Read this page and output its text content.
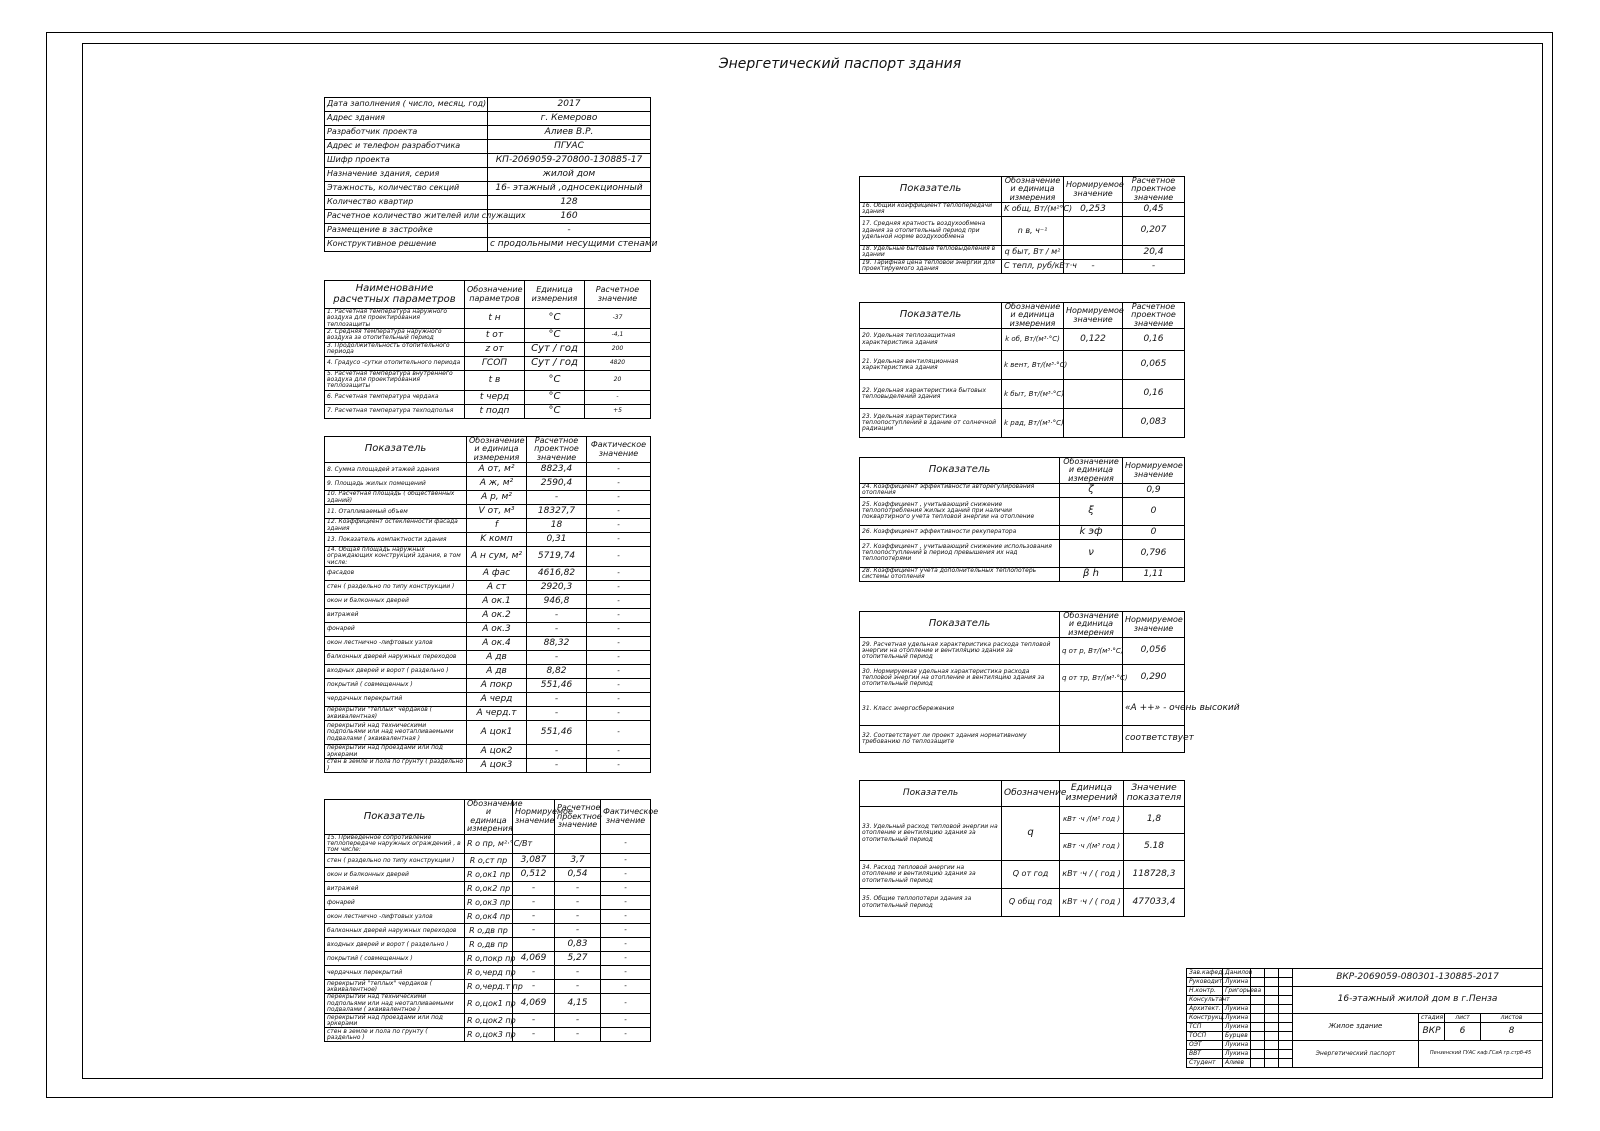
Энергетический паспорт здания
Дата заполнения ( число, месяц, год)	2017
Адрес здания	г. Кемерово
Разработчик проекта	Алиев В.Р.
Адрес и телефон разработчика	ПГУАС
Шифр проекта	КП-2069059-270800-130885-17
Назначение здания, серия	жилой дом
Этажность, количество секций	16- этажный ,односекционный
Количество квартир	128
Расчетное количество жителей или служащих	160
Размещение в застройке	-
Конструктивное решение	с продольными несущими стенами
Наименование расчетных параметров	Обозначение параметров	Единица измерения	Расчетное значение
1. Расчетная температура наружного воздуха для проектирования теплозащиты	t н	°С	-37
2. Средняя температура наружного воздуха за отопительный период	t от	°С	-4,1
3. Продолжительность отопительного периода	z от	Сут / год	200
4. Градусо -сутки отопительного периода	ГСОП	Сут / год	4820
5. Расчетная температура внутреннего воздуха для проектирования теплозащиты	t в	°С	20
6. Расчетная температура чердака	t черд	°С	-
7. Расчетная температура техподполья	t подп	°С	+5
Показатель	Обозначение и единица измерения	Расчетное проектное значение	Фактическое значение
8. Сумма площадей этажей здания	A от, м²	8823,4	-
9. Площадь жилых помещений	A ж, м²	2590,4	-
10. Расчетная площадь ( общественных зданий)	A р, м²	-	-
11. Отапливаемый объем	V от, м³	18327,7	-
12. Коэффициент остекленности фасада здания	f	18	-
13. Показатель компактности здания	K комп	0,31	-
14. Общая площадь наружных ограждающих конструкций здания, в том числе:	A н сум, м²	5719,74	-
фасадов	A фас	4616,82	-
стен ( раздельно по типу конструкции )	A ст	2920,3	-
окон и балконных дверей	A ок.1	946,8	-
витражей	A ок.2	-	-
фонарей	A ок.3	-	-
окон лестнично -лифтовых узлов	A ок.4	88,32	-
балконных дверей наружных переходов	A дв	-	-
входных дверей и ворот ( раздельно )	A дв	8,82	-
покрытий ( совмещенных )	A покр	551,46	-
чердачных перекрытий	A черд	-	-
перекрытий "теплых" чердаков ( эквивалентная)	A черд.т	-	-
перекрытий над техническими подпольями или над неотапливаемыми подвалами ( эквивалентная )	A цок1	551,46	-
перекрытий над проездами или под эркерами	A цок2	-	-
стен в земле и пола по грунту ( раздельно )	A цок3	-	-
Показатель	Обозначение и единица измерения	Нормируемое значение	Расчетное проектное значение	Фактическое значение
15. Приведенное сопротивление теплопередаче наружных ограждений , в том числе:	R о пр, м²·°С/Вт			-
стен ( раздельно по типу конструкции )	R о,ст пр	3,087	3,7	-
окон и балконных дверей	R о,ок1 пр	0,512	0,54	-
витражей	R о,ок2 пр	-	-	-
фонарей	R о,ок3 пр	-	-	-
окон лестнично -лифтовых узлов	R о,ок4 пр	-	-	-
балконных дверей наружных переходов	R о,дв пр	-	-	-
входных дверей и ворот ( раздельно )	R о,дв пр		0,83	-
покрытий ( совмещенных )	R о,покр пр	4,069	5,27	-
чердачных перекрытий	R о,черд пр	-	-	-
перекрытий "теплых" чердаков ( эквивалентное)	R о,черд.т пр	-	-	-
перекрытий над техническими подпольями или над неотапливаемыми подвалами ( эквивалентное )	R о,цок1 пр	4,069	4,15	-
перекрытий над проездами или под эркерами	R о,цок2 пр	-	-	-
стен в земле и пола по грунту ( раздельно )	R о,цок3 пр	-	-	-
Показатель	Обозначение и единица измерения	Нормируемое значение	Расчетное проектное значение
16. Общий коэффициент теплопередачи здания	K общ, Вт/(м²°С)	0,253	0,45
17. Средняя кратность воздухообмена здания за отопительный период при удельной норме воздухообмена	n в, ч⁻¹		0,207
18. Удельные бытовые тепловыделения в здании	q быт, Вт / м²		20,4
19. Тарифная цена тепловой энергии для проектируемого здания	С тепл, руб/кВт·ч	-	-
Показатель	Обозначение и единица измерения	Нормируемое значение	Расчетное проектное значение
20. Удельная теплозащитная характеристика здания	k об, Вт/(м³·°С)	0,122	0,16
21. Удельная вентиляционная характеристика здания	k вент, Вт/(м³·°С)		0,065
22. Удельная характеристика бытовых тепловыделений здания	k быт, Вт/(м³·°С)		0,16
23. Удельная характеристика теплопоступлений в здание от солнечной радиации	k рад, Вт/(м³·°С)		0,083
Показатель	Обозначение и единица измерения	Нормируемое значение
24. Коэффициент эффективности авторегулирования отопления	ζ	0,9
25. Коэффициент , учитывающий снижение теплопотребления жилых зданий при наличии поквартирного учета тепловой энергии на отопление	ξ	0
26. Коэффициент эффективности рекуператора	k эф	0
27. Коэффициент , учитывающий снижение использования теплопоступлений в период превышения их над теплопотерями	ν	0,796
28. Коэффициент учета дополнительных теплопотерь системы отопления	β h	1,11
Показатель	Обозначение и единица измерения	Нормируемое значение
29. Расчетная удельная характеристика расхода тепловой энергии на отопление и вентиляцию здания за отопительный период	q от р, Вт/(м³·°С)	0,056
30. Нормируемая удельная характеристика расхода тепловой энергии на отопление и вентиляцию здания за отопительный период	q от тр, Вт/(м³·°С)	0,290
31. Класс энергосбережения		«А ++» - очень высокий
32. Соответствует ли проект здания нормативному требованию по теплозащите		соответствует
Показатель	Обозначение	Единица измерений	Значение показателя
33. Удельный расход тепловой энергии на отопление и вентиляцию здания за отопительный период	q	кВт ·ч /(м² год )	1,8
		кВт ·ч /(м³ год )	5.18
34. Расход тепловой энергии на отопление и вентиляцию здания за отопительный период	Q от год	кВт ·ч / ( год )	118728,3
35. Общие теплопотери здания за отопительный период	Q общ год	кВт ·ч / ( год )	477033,4
Зав.кафед.	Данилов				ВКР-2069059-080301-130885-2017			
Руководит.	Лукина							
Н.контр.	Григорьева				16-этажный жилой дом в г.Пенза			
Консультант								
Архитект.	Лукина							
Конструкц.	Лукина				Жилое здание	стадия	лист	листов
ТСП	Лукина					ВКР	6	8
ТОСП	Бурцев							
ОЭТ	Лукина				Энергетический паспорт	Пензенский ГУАС каф.ГСиА гр.стрб-45		
ВВТ	Лукина							
Студент	Алиев							
